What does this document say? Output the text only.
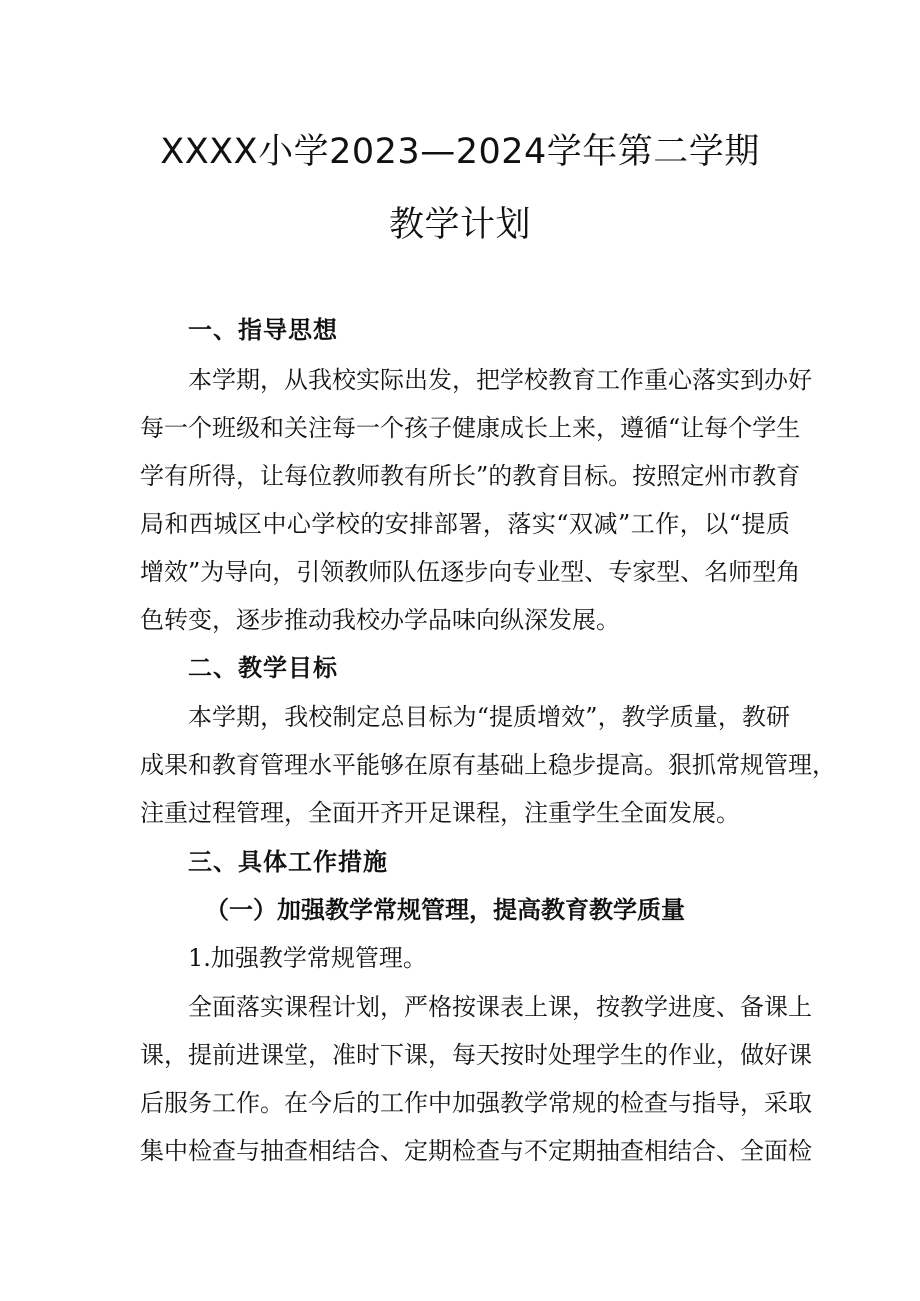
XXXX小学2023—2024学年第二学期
教学计划
一、指导思想
本学期，从我校实际出发，把学校教育工作重心落实到办好
每一个班级和关注每一个孩子健康成长上来，遵循“让每个学生
学有所得，让每位教师教有所长”的教育目标。按照定州市教育
局和西城区中心学校的安排部署，落实“双减”工作，以“提质
增效”为导向，引领教师队伍逐步向专业型、专家型、名师型角
色转变，逐步推动我校办学品味向纵深发展。
二、教学目标
本学期，我校制定总目标为“提质增效”，教学质量，教研
成果和教育管理水平能够在原有基础上稳步提高。狠抓常规管理，
注重过程管理，全面开齐开足课程，注重学生全面发展。
三、具体工作措施
（一）加强教学常规管理，提高教育教学质量
1.加强教学常规管理。
全面落实课程计划，严格按课表上课，按教学进度、备课上
课，提前进课堂，准时下课，每天按时处理学生的作业，做好课
后服务工作。在今后的工作中加强教学常规的检查与指导，采取
集中检查与抽查相结合、定期检查与不定期抽查相结合、全面检
